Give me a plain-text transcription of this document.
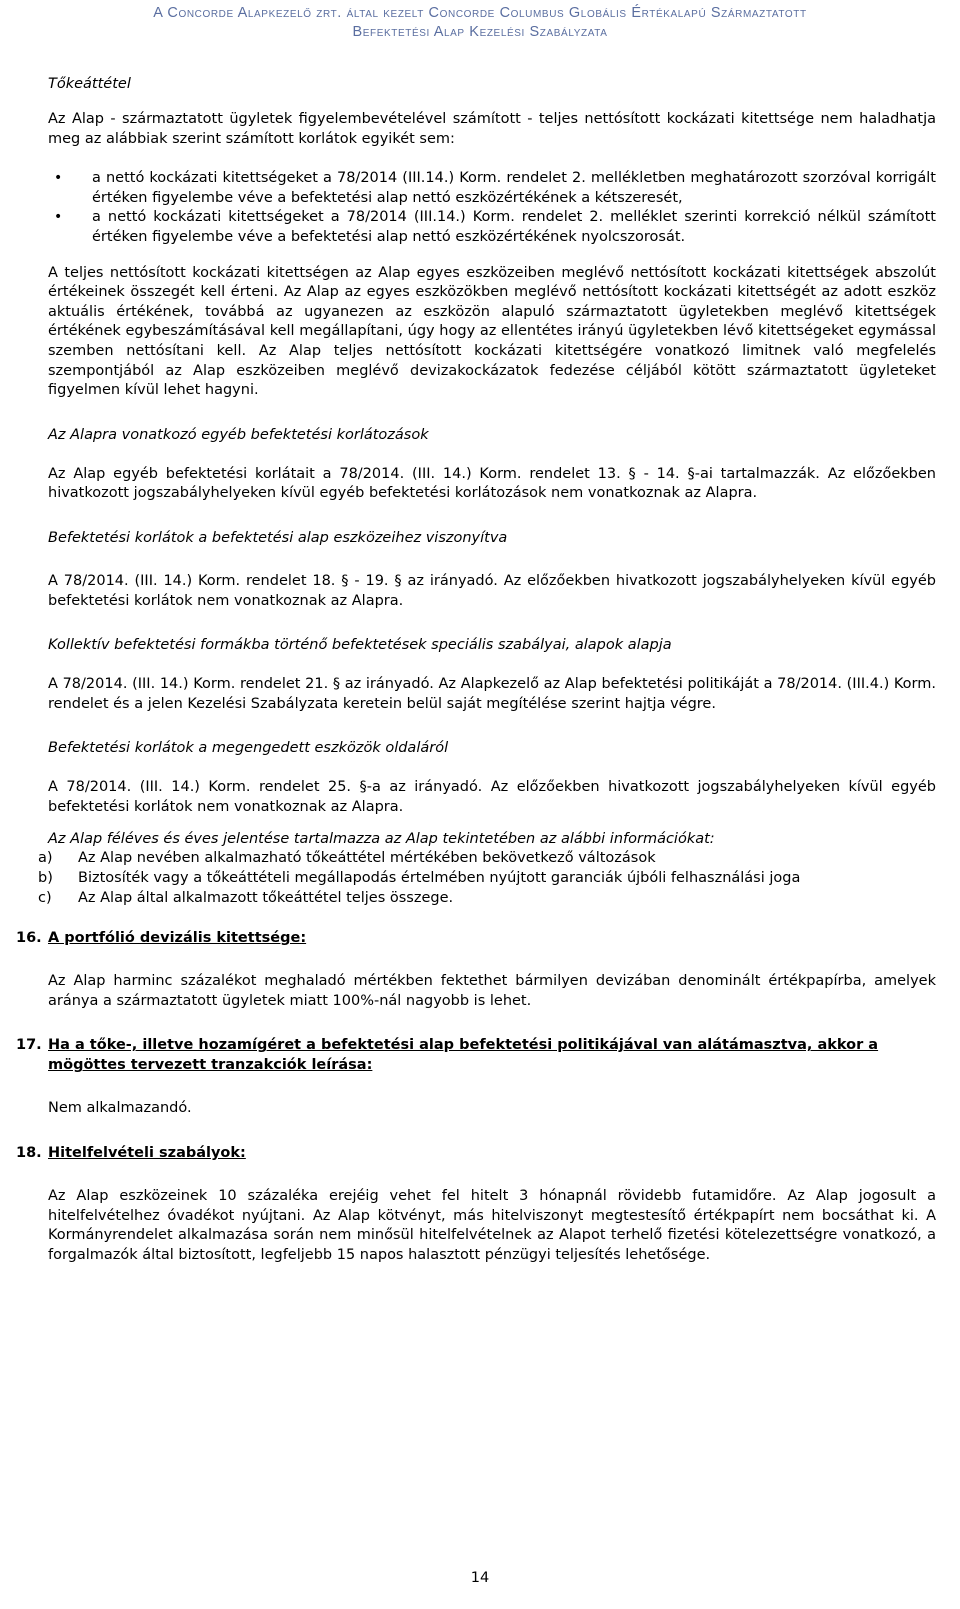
A Concorde Alapkezelő zrt. által kezelt Concorde Columbus Globális Értékalapú Származtatott
Befektetési Alap Kezelési Szabályzata

Tőkeáttétel

Az Alap - származtatott ügyletek figyelembevételével számított - teljes nettósított kockázati kitettsége nem haladhatja meg az alábbiak szerint számított korlátok egyikét sem:

• a nettó kockázati kitettségeket a 78/2014 (III.14.) Korm. rendelet 2. mellékletben meghatározott szorzóval korrigált értéken figyelembe véve a befektetési alap nettó eszközértékének a kétszeresét,
• a nettó kockázati kitettségeket a 78/2014 (III.14.) Korm. rendelet 2. melléklet szerinti korrekció nélkül számított értéken figyelembe véve a befektetési alap nettó eszközértékének nyolcszorosát.

A teljes nettósított kockázati kitettségen az Alap egyes eszközeiben meglévő nettósított kockázati kitettségek abszolút értékeinek összegét kell érteni. Az Alap az egyes eszközökben meglévő nettósított kockázati kitettségét az adott eszköz aktuális értékének, továbbá az ugyanezen az eszközön alapuló származtatott ügyletekben meglévő kitettségek értékének egybeszámításával kell megállapítani, úgy hogy az ellentétes irányú ügyletekben lévő kitettségeket egymással szemben nettósítani kell. Az Alap teljes nettósított kockázati kitettségére vonatkozó limitnek való megfelelés szempontjából az Alap eszközeiben meglévő devizakockázatok fedezése céljából kötött származtatott ügyleteket figyelmen kívül lehet hagyni.

Az Alapra vonatkozó egyéb befektetési korlátozások

Az Alap egyéb befektetési korlátait a 78/2014. (III. 14.) Korm. rendelet 13. § - 14. §-ai tartalmazzák. Az előzőekben hivatkozott jogszabályhelyeken kívül egyéb befektetési korlátozások nem vonatkoznak az Alapra.

Befektetési korlátok a befektetési alap eszközeihez viszonyítva

A 78/2014. (III. 14.) Korm. rendelet 18. § - 19. § az irányadó. Az előzőekben hivatkozott jogszabályhelyeken kívül egyéb befektetési korlátok nem vonatkoznak az Alapra.

Kollektív befektetési formákba történő befektetések speciális szabályai, alapok alapja

A 78/2014. (III. 14.) Korm. rendelet 21. § az irányadó. Az Alapkezelő az Alap befektetési politikáját a 78/2014. (III.4.) Korm. rendelet és a jelen Kezelési Szabályzata keretein belül saját megítélése szerint hajtja végre.

Befektetési korlátok a megengedett eszközök oldaláról

A 78/2014. (III. 14.) Korm. rendelet 25. §-a az irányadó. Az előzőekben hivatkozott jogszabályhelyeken kívül egyéb befektetési korlátok nem vonatkoznak az Alapra.

Az Alap féléves és éves jelentése tartalmazza az Alap tekintetében az alábbi információkat:

a) Az Alap nevében alkalmazható tőkeáttétel mértékében bekövetkező változások
b) Biztosíték vagy a tőkeáttételi megállapodás értelmében nyújtott garanciák újbóli felhasználási joga
c) Az Alap által alkalmazott tőkeáttétel teljes összege.

16. A portfólió devizális kitettsége:

Az Alap harminc százalékot meghaladó mértékben fektethet bármilyen devizában denominált értékpapírba, amelyek aránya a származtatott ügyletek miatt 100%-nál nagyobb is lehet.

17. Ha a tőke-, illetve hozamígéret a befektetési alap befektetési politikájával van alátámasztva, akkor a mögöttes tervezett tranzakciók leírása:

Nem alkalmazandó.

18. Hitelfelvételi szabályok:

Az Alap eszközeinek 10 százaléka erejéig vehet fel hitelt 3 hónapnál rövidebb futamidőre. Az Alap jogosult a hitelfelvételhez óvadékot nyújtani. Az Alap kötvényt, más hitelviszonyt megtestesítő értékpapírt nem bocsáthat ki. A Kormányrendelet alkalmazása során nem minősül hitelfelvételnek az Alapot terhelő fizetési kötelezettségre vonatkozó, a forgalmazók által biztosított, legfeljebb 15 napos halasztott pénzügyi teljesítés lehetősége.

14
